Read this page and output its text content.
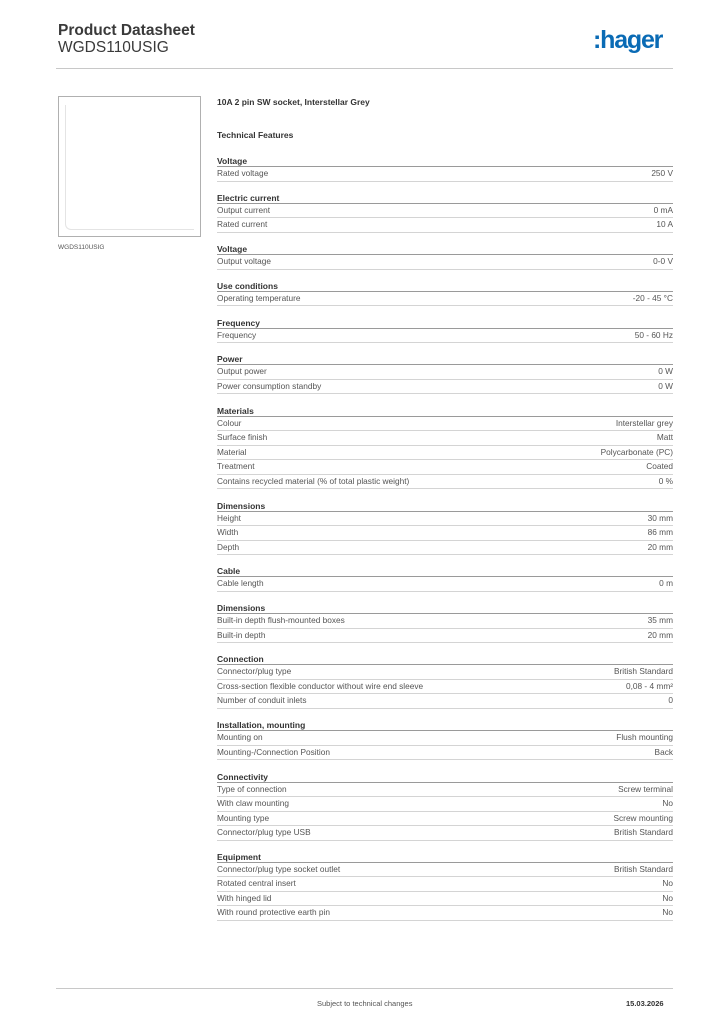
Product Datasheet
WGDS110USIG	:hager
WGDS110USIG
10A 2 pin SW socket, Interstellar Grey
Technical Features
Voltage
Rated voltage	250 V
Electric current
Output current	0 mA
Rated current	10 A
Voltage
Output voltage	0-0 V
Use conditions
Operating temperature	-20 - 45 °C
Frequency
Frequency	50 - 60 Hz
Power
Output power	0 W
Power consumption standby	0 W
Materials
Colour	Interstellar grey
Surface finish	Matt
Material	Polycarbonate (PC)
Treatment	Coated
Contains recycled material (% of total plastic weight)	0 %
Dimensions
Height	30 mm
Width	86 mm
Depth	20 mm
Cable
Cable length	0 m
Dimensions
Built-in depth flush-mounted boxes	35 mm
Built-in depth	20 mm
Connection
Connector/plug type	British Standard
Cross-section flexible conductor without wire end sleeve	0,08 - 4 mm²
Number of conduit inlets	0
Installation, mounting
Mounting on	Flush mounting
Mounting-/Connection Position	Back
Connectivity
Type of connection	Screw terminal
With claw mounting	No
Mounting type	Screw mounting
Connector/plug type USB	British Standard
Equipment
Connector/plug type socket outlet	British Standard
Rotated central insert	No
With hinged lid	No
With round protective earth pin	No
Subject to technical changes	15.03.2026
